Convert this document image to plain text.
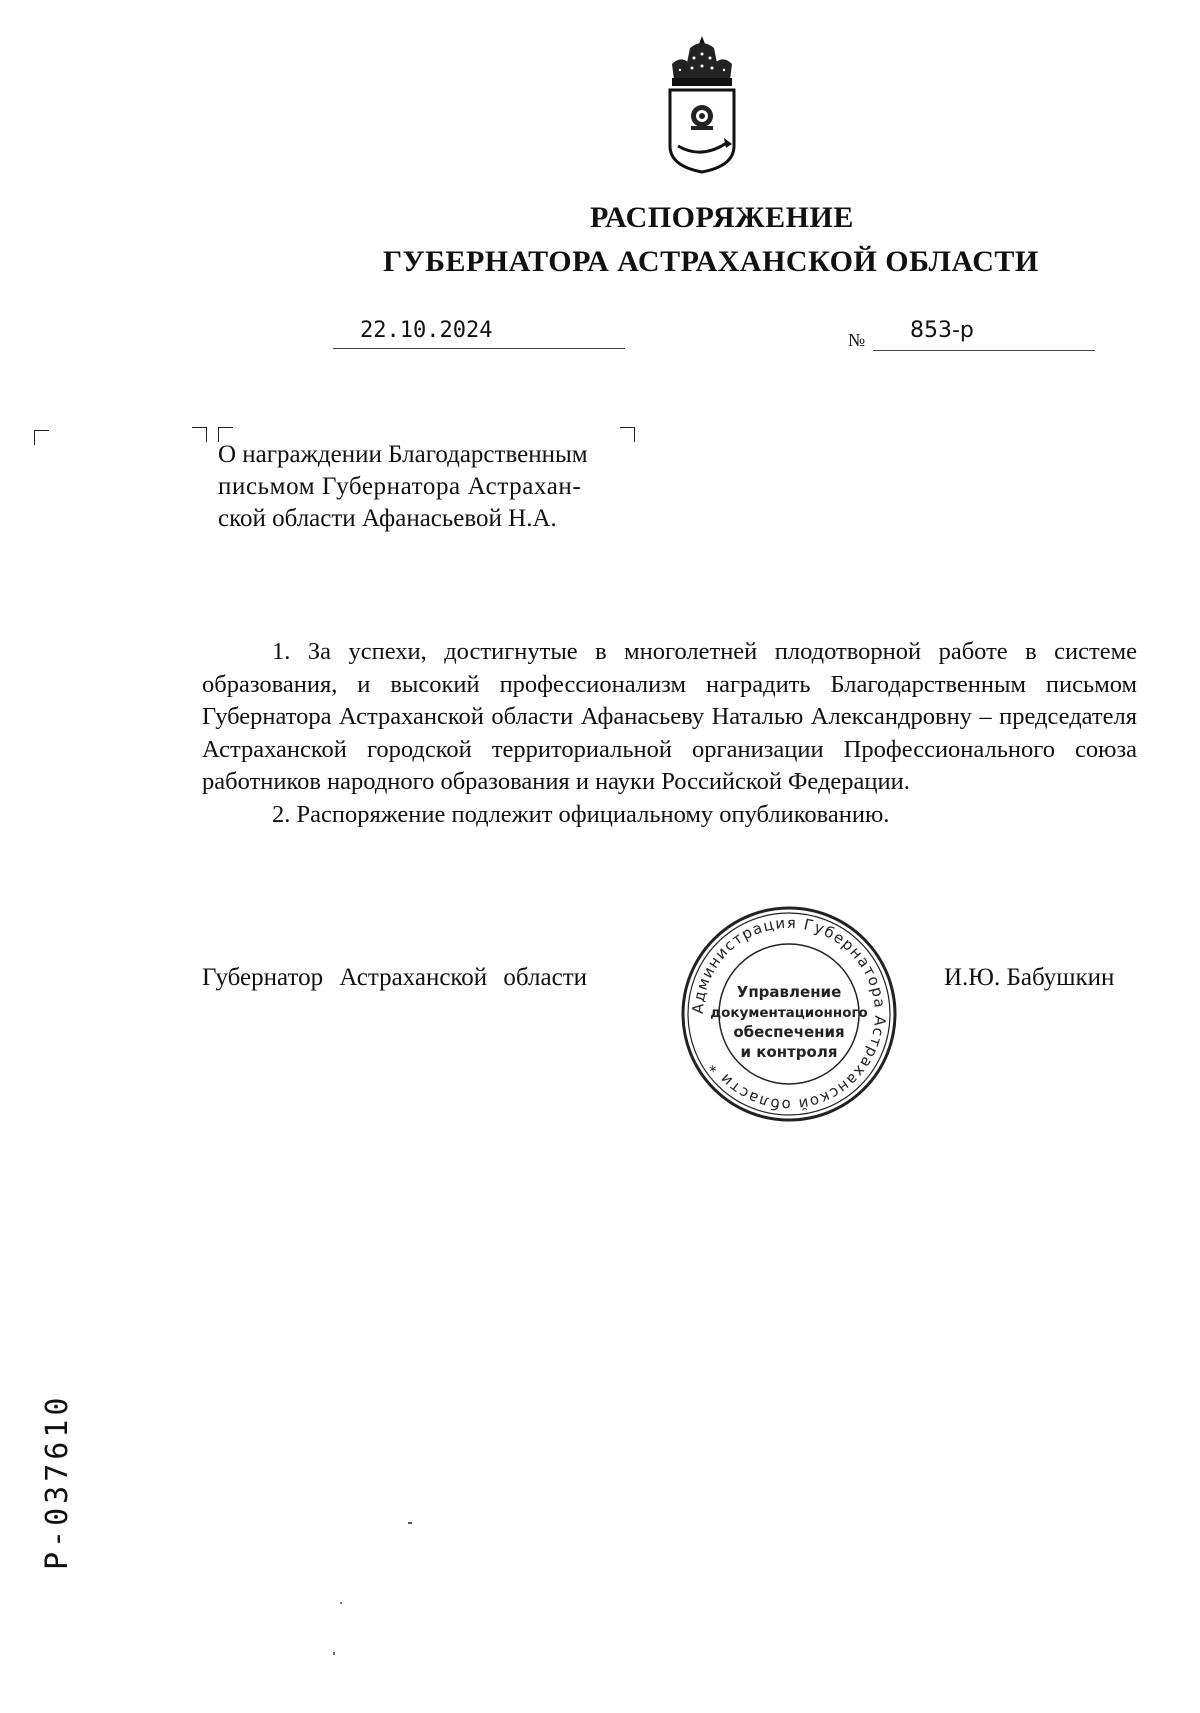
РАСПОРЯЖЕНИЕ
ГУБЕРНАТОРА АСТРАХАНСКОЙ ОБЛАСТИ
22.10.2024	№ 853-р
О награждении Благодарственным
письмом Губернатора Астрахан-
ской области Афанасьевой Н.А.

1. За успехи, достигнутые в многолетней плодотворной работе в системе образования, и высокий профессионализм наградить Благодарственным письмом Губернатора Астраханской области Афанасьеву Наталью Александровну – председателя Астраханской городской территориальной организации Профессионального союза работников народного образования и науки Российской Федерации.

2. Распоряжение подлежит официальному опубликованию.

Губернатор Астраханской области	И.Ю. Бабушкин
Администрация Губернатора Астраханской области *
Управление
документационного
обеспечения
и контроля
Р-037610
